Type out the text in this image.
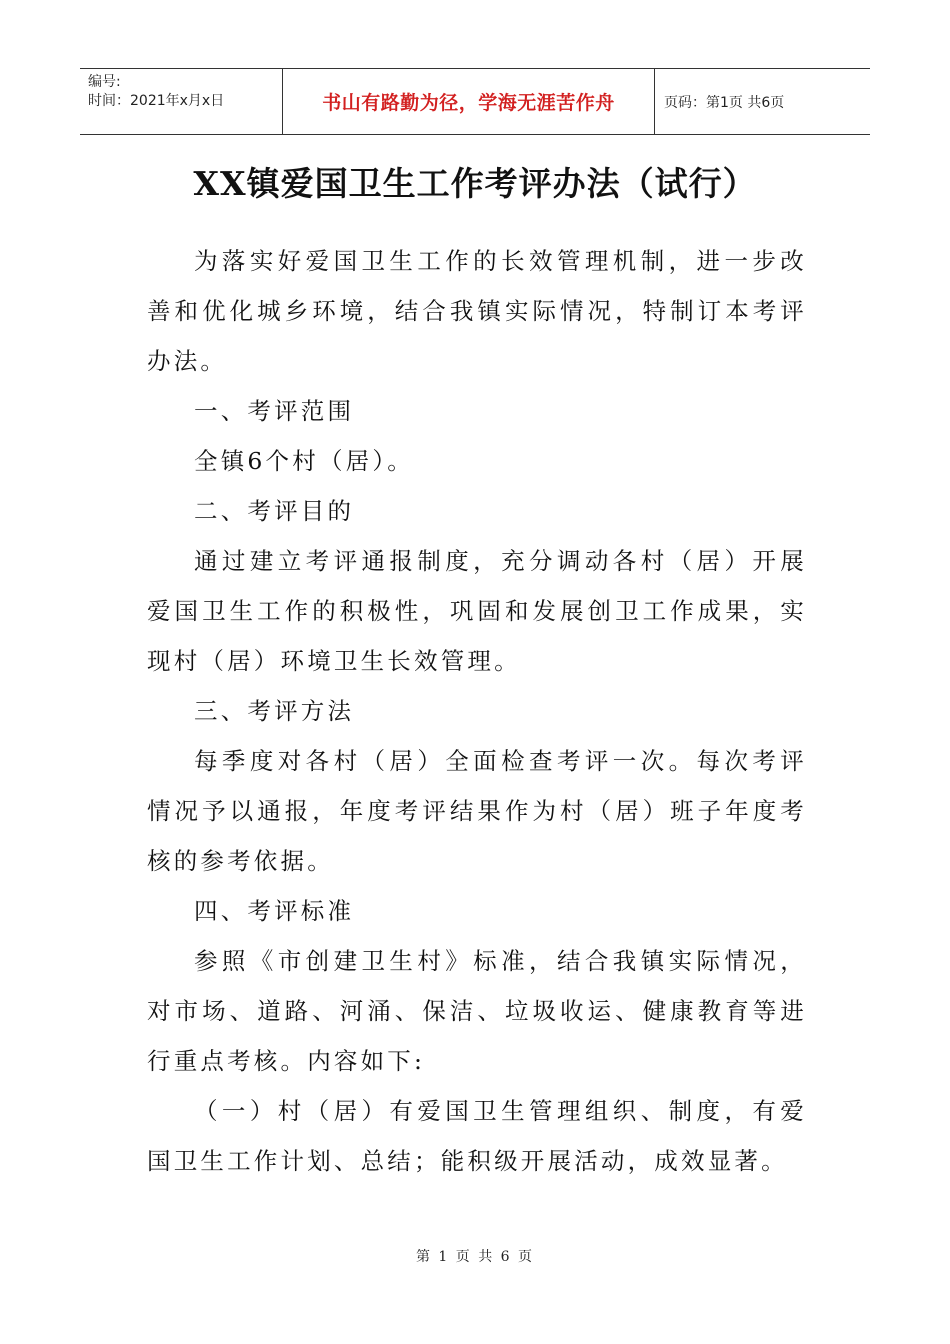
编号:
时间：2021年x月x日	书山有路勤为径，学海无涯苦作舟	页码：第1页 共6页
XX镇爱国卫生工作考评办法（试行）

为落实好爱国卫生工作的长效管理机制，进一步改善和优化城乡环境，结合我镇实际情况，特制订本考评办法。

一、考评范围

全镇6个村（居）。

二、考评目的

通过建立考评通报制度，充分调动各村（居）开展爱国卫生工作的积极性，巩固和发展创卫工作成果，实现村（居）环境卫生长效管理。

三、考评方法

每季度对各村（居）全面检查考评一次。每次考评情况予以通报，年度考评结果作为村（居）班子年度考核的参考依据。

四、考评标准

参照《市创建卫生村》标准，结合我镇实际情况，对市场、道路、河涌、保洁、垃圾收运、健康教育等进行重点考核。内容如下:

（一）村（居）有爱国卫生管理组织、制度，有爱国卫生工作计划、总结；能积级开展活动，成效显著。

第 1 页 共 6 页
